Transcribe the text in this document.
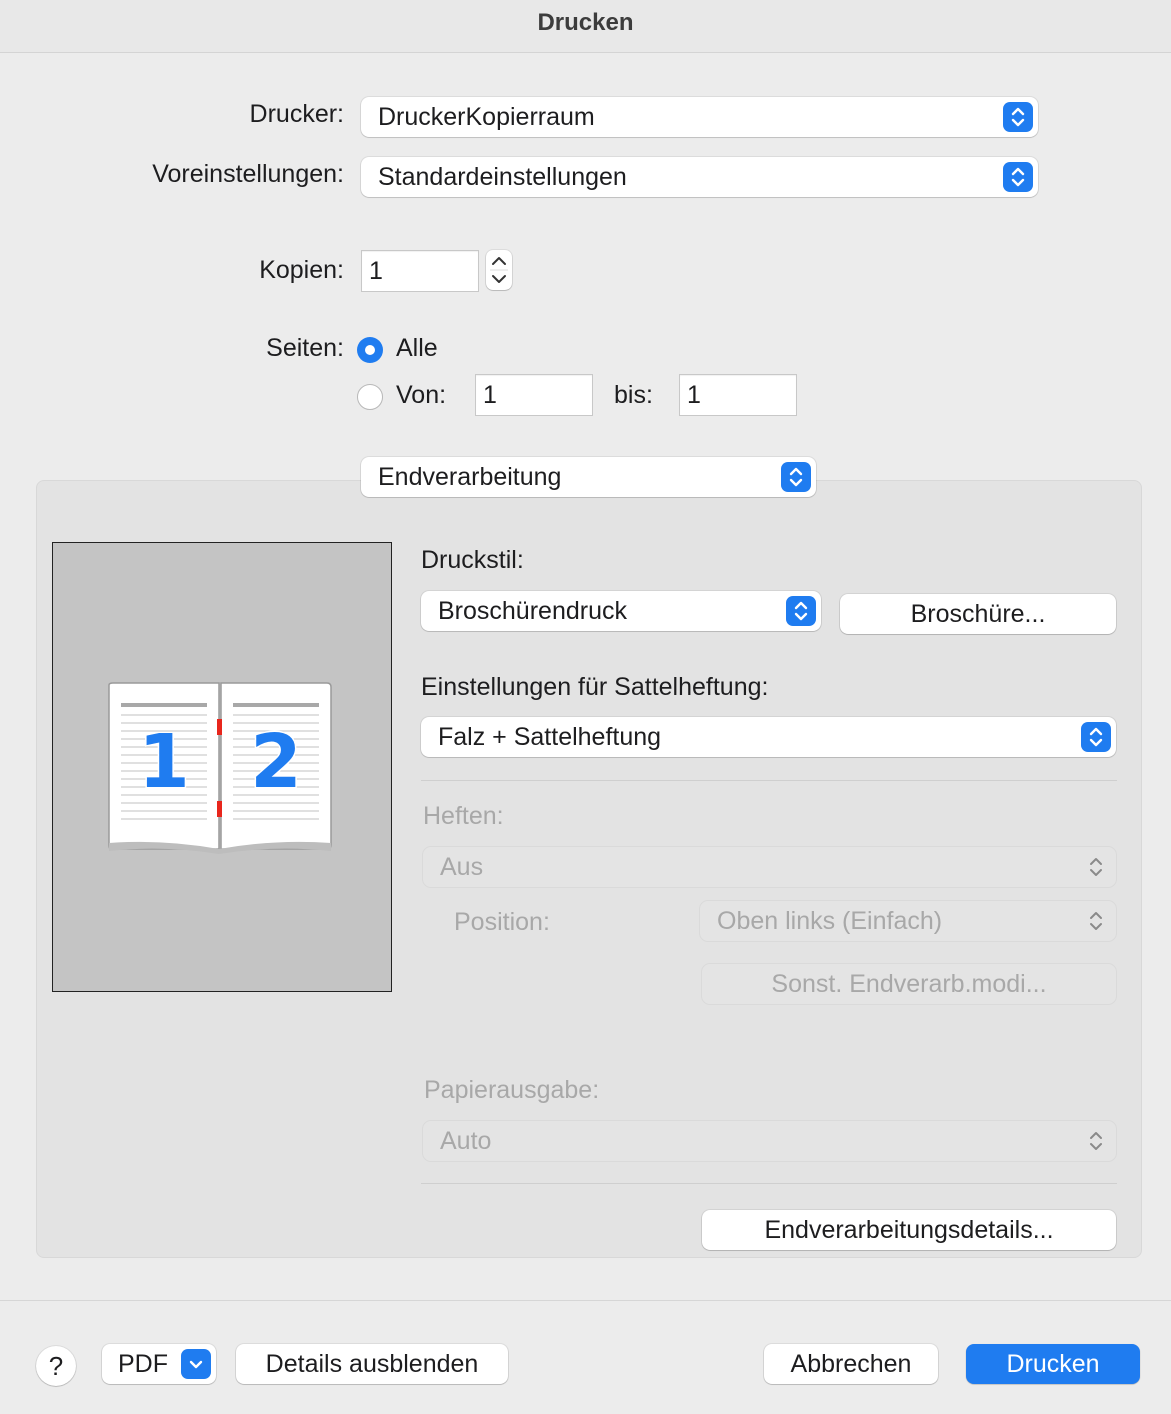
Drucken
Drucker:	DruckerKopierraum
Voreinstellungen:	Standardeinstellungen
Kopien:	1
Seiten: Alle
Von:	1	bis:	1
Endverarbeitung
1 2
Druckstil:
Broschürendruck	Broschüre...
Einstellungen für Sattelheftung:
Falz + Sattelheftung
Heften:
Aus
Position:	Oben links (Einfach)
Sonst. Endverarb.modi...
Papierausgabe:
Auto
Endverarbeitungsdetails...
?	PDF	Details ausblenden	Abbrechen	Drucken
